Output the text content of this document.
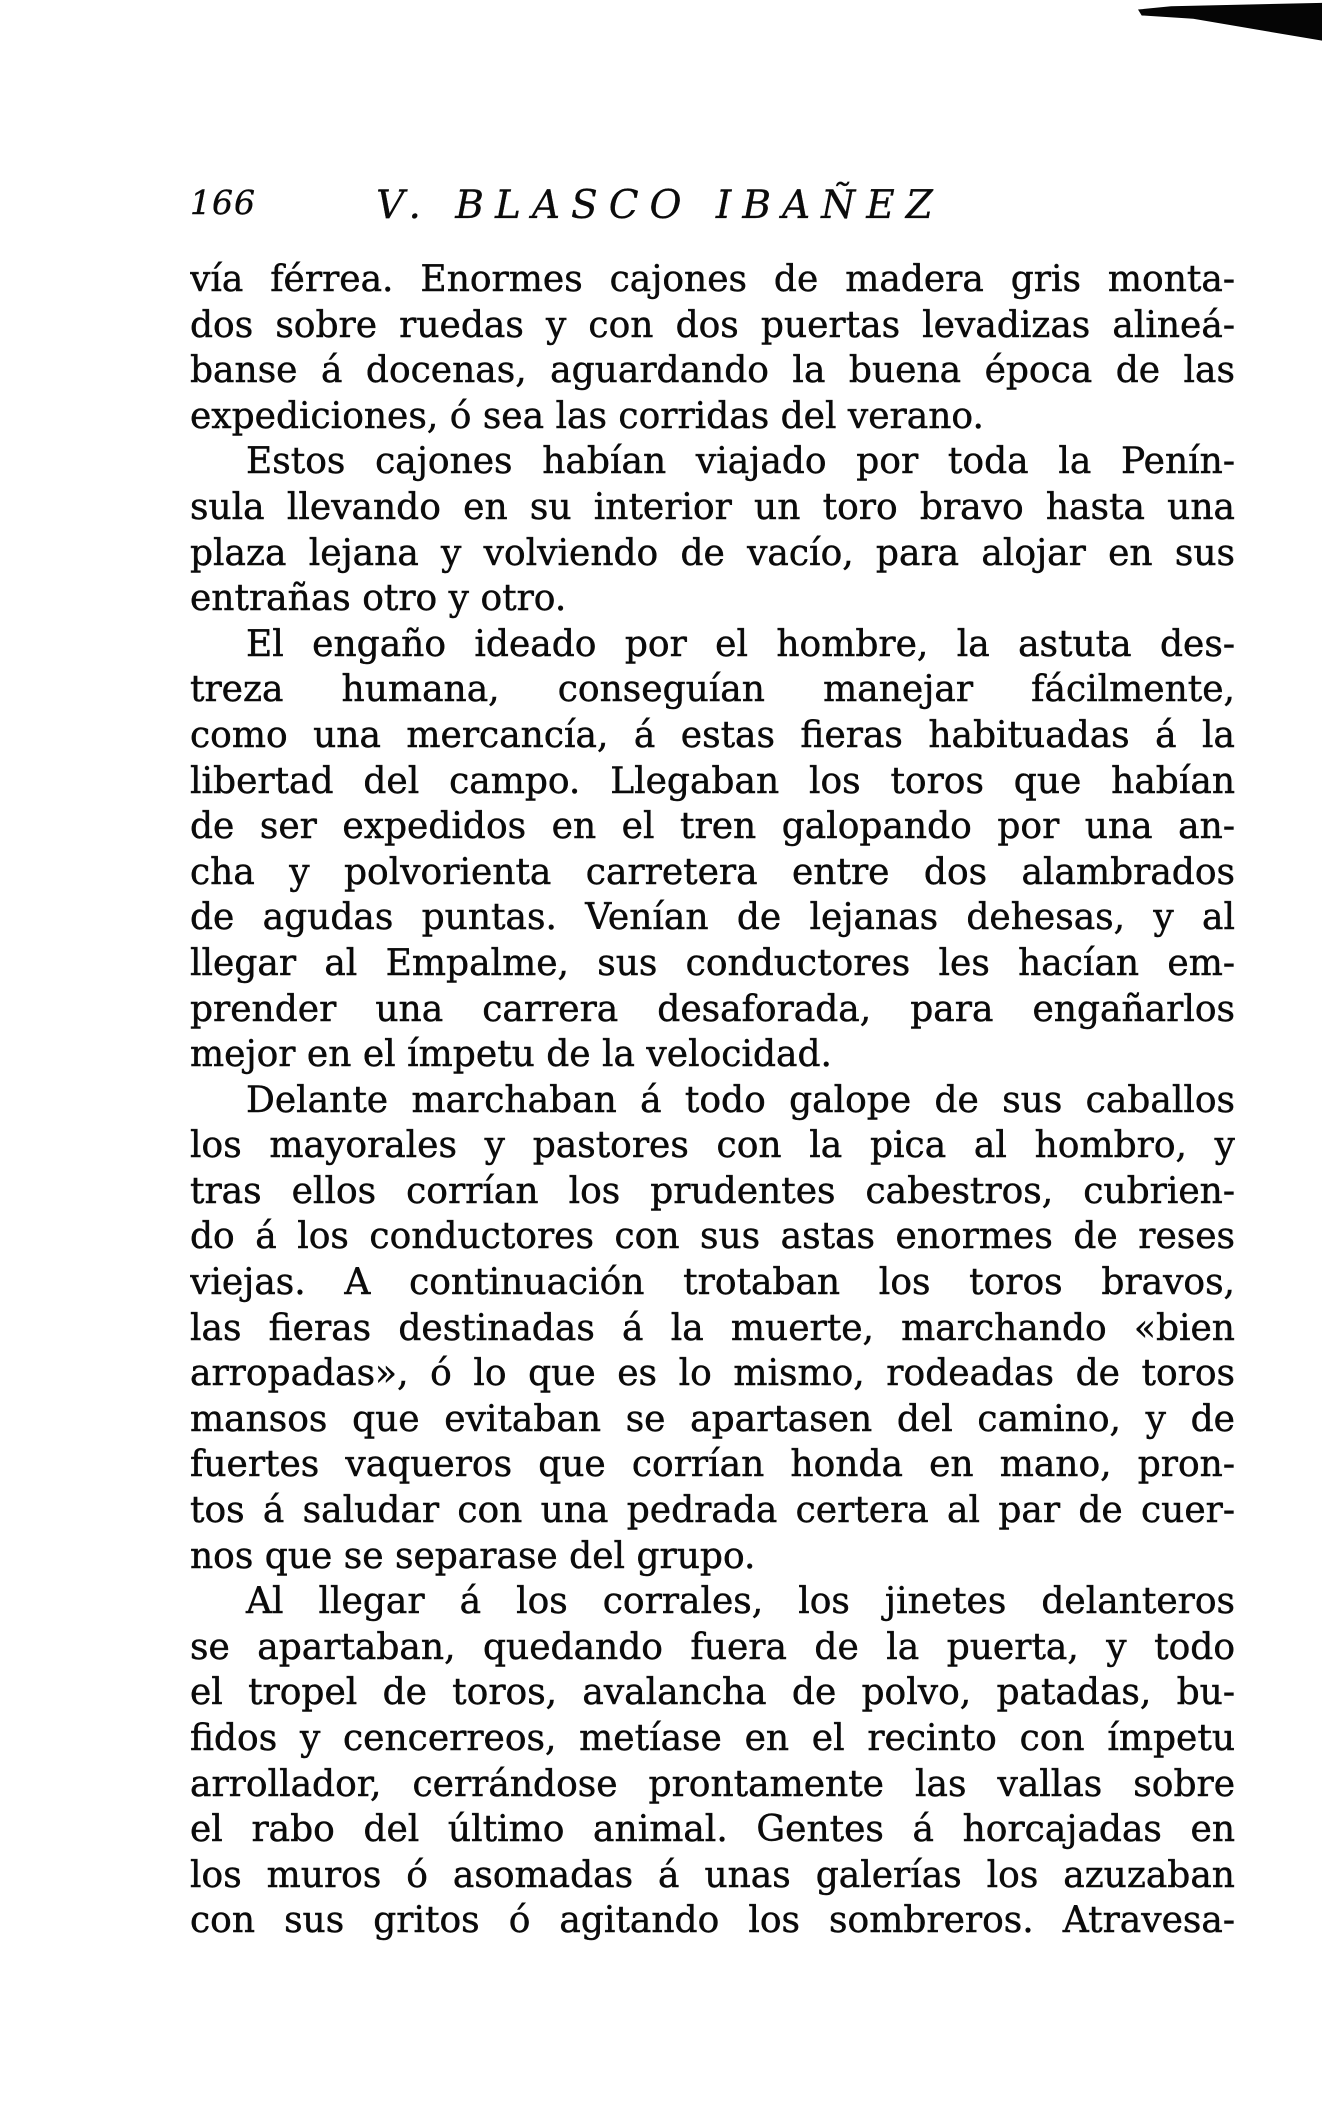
166	V. BLASCO IBAÑEZ
vía férrea. Enormes cajones de madera gris monta-
dos sobre ruedas y con dos puertas levadizas alineá-
banse á docenas, aguardando la buena época de las
expediciones, ó sea las corridas del verano.
Estos cajones habían viajado por toda la Penín-
sula llevando en su interior un toro bravo hasta una
plaza lejana y volviendo de vacío, para alojar en sus
entrañas otro y otro.
El engaño ideado por el hombre, la astuta des-
treza humana, conseguían manejar fácilmente,
como una mercancía, á estas fieras habituadas á la
libertad del campo. Llegaban los toros que habían
de ser expedidos en el tren galopando por una an-
cha y polvorienta carretera entre dos alambrados
de agudas puntas. Venían de lejanas dehesas, y al
llegar al Empalme, sus conductores les hacían em-
prender una carrera desaforada, para engañarlos
mejor en el ímpetu de la velocidad.
Delante marchaban á todo galope de sus caballos
los mayorales y pastores con la pica al hombro, y
tras ellos corrían los prudentes cabestros, cubrien-
do á los conductores con sus astas enormes de reses
viejas. A continuación trotaban los toros bravos,
las fieras destinadas á la muerte, marchando «bien
arropadas», ó lo que es lo mismo, rodeadas de toros
mansos que evitaban se apartasen del camino, y de
fuertes vaqueros que corrían honda en mano, pron-
tos á saludar con una pedrada certera al par de cuer-
nos que se separase del grupo.
Al llegar á los corrales, los jinetes delanteros
se apartaban, quedando fuera de la puerta, y todo
el tropel de toros, avalancha de polvo, patadas, bu-
fidos y cencerreos, metíase en el recinto con ímpetu
arrollador, cerrándose prontamente las vallas sobre
el rabo del último animal. Gentes á horcajadas en
los muros ó asomadas á unas galerías los azuzaban
con sus gritos ó agitando los sombreros. Atravesa-
